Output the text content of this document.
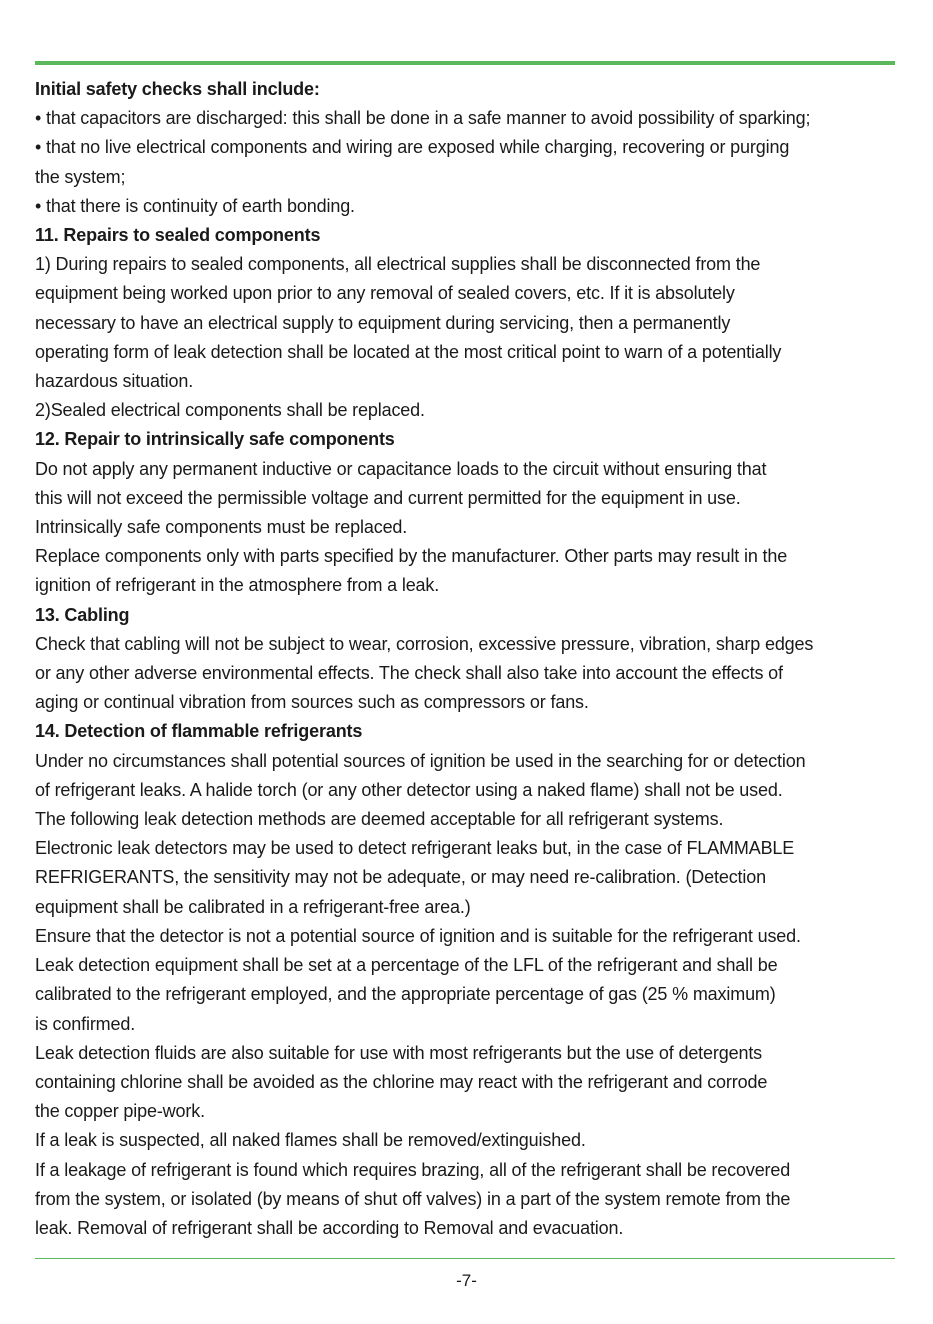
Initial safety checks shall include:

• that capacitors are discharged: this shall be done in a safe manner to avoid possibility of sparking;

• that no live electrical components and wiring are exposed while charging, recovering or purging

the system;

• that there is continuity of earth bonding.

11. Repairs to sealed components

1) During repairs to sealed components, all electrical supplies shall be disconnected from the

equipment being worked upon prior to any removal of sealed covers, etc. If it is absolutely

necessary to have an electrical supply to equipment during servicing, then a permanently

operating form of leak detection shall be located at the most critical point to warn of a potentially

hazardous situation.

2)Sealed electrical components shall be replaced.

12. Repair to intrinsically safe components

Do not apply any permanent inductive or capacitance loads to the circuit without ensuring that

this will not exceed the permissible voltage and current permitted for the equipment in use.

Intrinsically safe components must be replaced.

Replace components only with parts specified by the manufacturer. Other parts may result in the

ignition of refrigerant in the atmosphere from a leak.

13. Cabling

Check that cabling will not be subject to wear, corrosion, excessive pressure, vibration, sharp edges

or any other adverse environmental effects. The check shall also take into account the effects of

aging or continual vibration from sources such as compressors or fans.

14. Detection of flammable refrigerants

Under no circumstances shall potential sources of ignition be used in the searching for or detection

of refrigerant leaks. A halide torch (or any other detector using a naked flame) shall not be used.

The following leak detection methods are deemed acceptable for all refrigerant systems.

Electronic leak detectors may be used to detect refrigerant leaks but, in the case of FLAMMABLE

REFRIGERANTS, the sensitivity may not be adequate, or may need re-calibration. (Detection

equipment shall be calibrated in a refrigerant-free area.)

Ensure that the detector is not a potential source of ignition and is suitable for the refrigerant used.

Leak detection equipment shall be set at a percentage of the LFL of the refrigerant and shall be

calibrated to the refrigerant employed, and the appropriate percentage of gas (25 % maximum)

is confirmed.

Leak detection fluids are also suitable for use with most refrigerants but the use of detergents

containing chlorine shall be avoided as the chlorine may react with the refrigerant and corrode

the copper pipe-work.

If a leak is suspected, all naked flames shall be removed/extinguished.

If a leakage of refrigerant is found which requires brazing, all of the refrigerant shall be recovered

from the system, or isolated (by means of shut off valves) in a part of the system remote from the

leak. Removal of refrigerant shall be according to Removal and evacuation.

-7-
